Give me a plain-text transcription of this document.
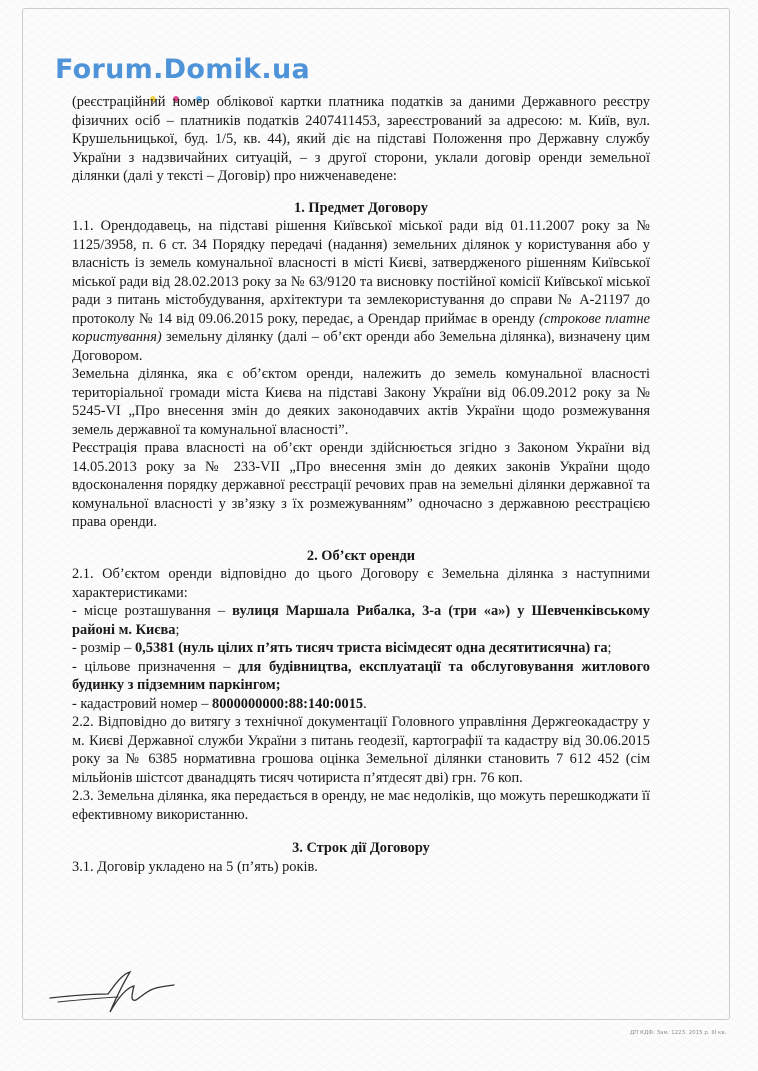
Forum.Domik.ua

(реєстраційний номер облікової картки платника податків за даними Державного реєстру фізичних осіб – платників податків 2407411453, зареєстрований за адресою: м. Київ, вул. Крушельницької, буд. 1/5, кв. 44), який діє на підставі Положення про Державну службу України з надзвичайних ситуацій, – з другої сторони, уклали договір оренди земельної ділянки (далі у тексті – Договір) про нижченаведене:

1. Предмет Договору

1.1. Орендодавець, на підставі рішення Київської міської ради від 01.11.2007 року за № 1125/3958, п. 6 ст. 34 Порядку передачі (надання) земельних ділянок у користування або у власність із земель комунальної власності в місті Києві, затвердженого рішенням Київської міської ради від 28.02.2013 року за № 63/9120 та висновку постійної комісії Київської міської ради з питань містобудування, архітектури та землекористування до справи № А-21197 до протоколу № 14 від 09.06.2015 року, передає, а Орендар приймає в оренду (строкове платне користування) земельну ділянку (далі – об’єкт оренди або Земельна ділянка), визначену цим Договором.

Земельна ділянка, яка є об’єктом оренди, належить до земель комунальної власності територіальної громади міста Києва на підставі Закону України від 06.09.2012 року за № 5245-VI „Про внесення змін до деяких законодавчих актів України щодо розмежування земель державної та комунальної власності”.

Реєстрація права власності на об’єкт оренди здійснюється згідно з Законом України від 14.05.2013 року за № 233-VII „Про внесення змін до деяких законів України щодо вдосконалення порядку державної реєстрації речових прав на земельні ділянки державної та комунальної власності у зв’язку з їх розмежуванням” одночасно з державною реєстрацією права оренди.

2. Об’єкт оренди

2.1. Об’єктом оренди відповідно до цього Договору є Земельна ділянка з наступними характеристиками:

- місце розташування – вулиця Маршала Рибалка, 3-а (три «а») у Шевченківському районі м. Києва;

- розмір – 0,5381 (нуль цілих п’ять тисяч триста вісімдесят одна десятитисячна) га;

- цільове призначення – для будівництва, експлуатації та обслуговування житлового будинку з підземним паркінгом;

- кадастровий номер – 8000000000:88:140:0015.

2.2. Відповідно до витягу з технічної документації Головного управління Держгеокадастру у м. Києві Державної служби України з питань геодезії, картографії та кадастру від 30.06.2015 року за № 6385 нормативна грошова оцінка Земельної ділянки становить 7 612 452 (сім мільйонів шістсот дванадцять тисяч чотириста п’ятдесят дві) грн. 76 коп.

2.3. Земельна ділянка, яка передається в оренду, не має недоліків, що можуть перешкоджати її ефективному використанню.

3. Строк дії Договору

3.1. Договір укладено на 5 (п’ять) років.

ДП КДФ. Зам. 1223. 2015 р. III кв.
